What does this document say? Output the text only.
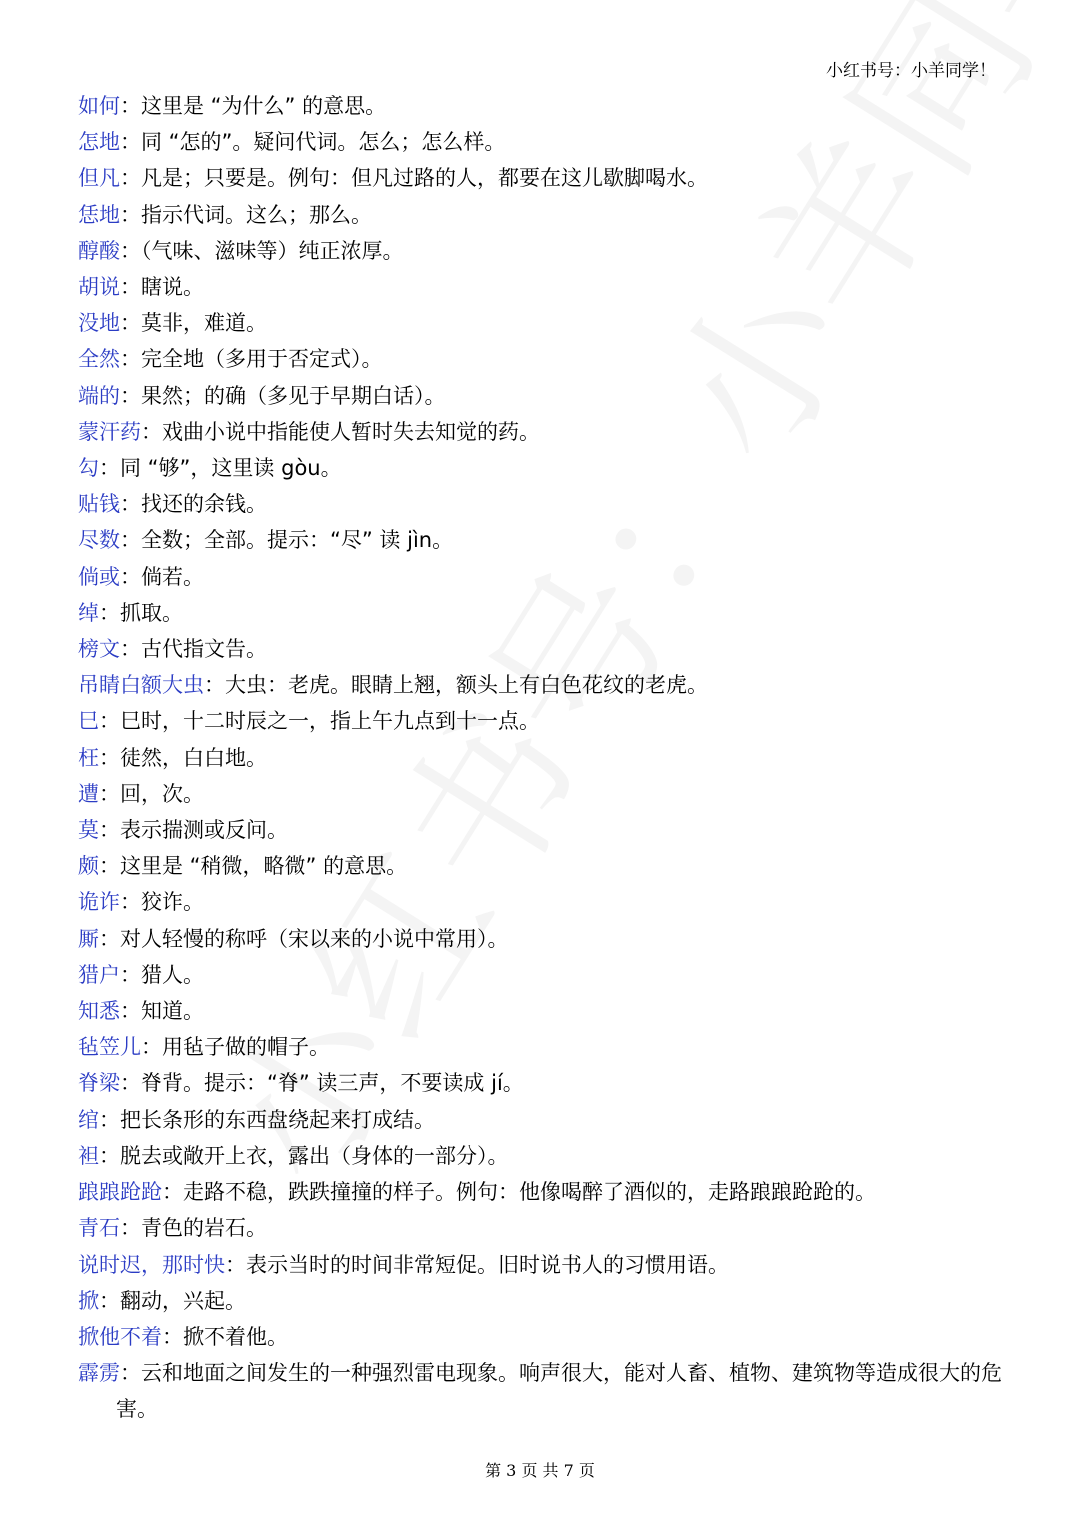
小红书号：小羊同学！
如何：这里是 “为什么” 的意思。
怎地：同 “怎的”。疑问代词。怎么；怎么样。
但凡：凡是；只要是。例句：但凡过路的人，都要在这儿歇脚喝水。
恁地：指示代词。这么；那么。
醇酸：（气味、滋味等）纯正浓厚。
胡说：瞎说。
没地：莫非，难道。
全然：完全地（多用于否定式）。
端的：果然；的确（多见于早期白话）。
蒙汗药：戏曲小说中指能使人暂时失去知觉的药。
勾：同 “够”，这里读 gòu。
贴钱：找还的余钱。
尽数：全数；全部。提示：“尽” 读 jìn。
倘或：倘若。
绰：抓取。
榜文：古代指文告。
吊睛白额大虫：大虫：老虎。眼睛上翘，额头上有白色花纹的老虎。
巳：巳时，十二时辰之一，指上午九点到十一点。
枉：徒然，白白地。
遭：回，次。
莫：表示揣测或反问。
颇：这里是 “稍微，略微” 的意思。
诡诈：狡诈。
厮：对人轻慢的称呼（宋以来的小说中常用）。
猎户：猎人。
知悉：知道。
毡笠儿：用毡子做的帽子。
脊梁：脊背。提示：“脊” 读三声，不要读成 jí。
绾：把长条形的东西盘绕起来打成结。
袒：脱去或敞开上衣，露出（身体的一部分）。
踉踉跄跄：走路不稳，跌跌撞撞的样子。例句：他像喝醉了酒似的，走路踉踉跄跄的。
青石：青色的岩石。
说时迟，那时快：表示当时的时间非常短促。旧时说书人的习惯用语。
掀：翻动，兴起。
掀他不着：掀不着他。
霹雳：云和地面之间发生的一种强烈雷电现象。响声很大，能对人畜、植物、建筑物等造成很大的危害。
第 3 页 共 7 页
